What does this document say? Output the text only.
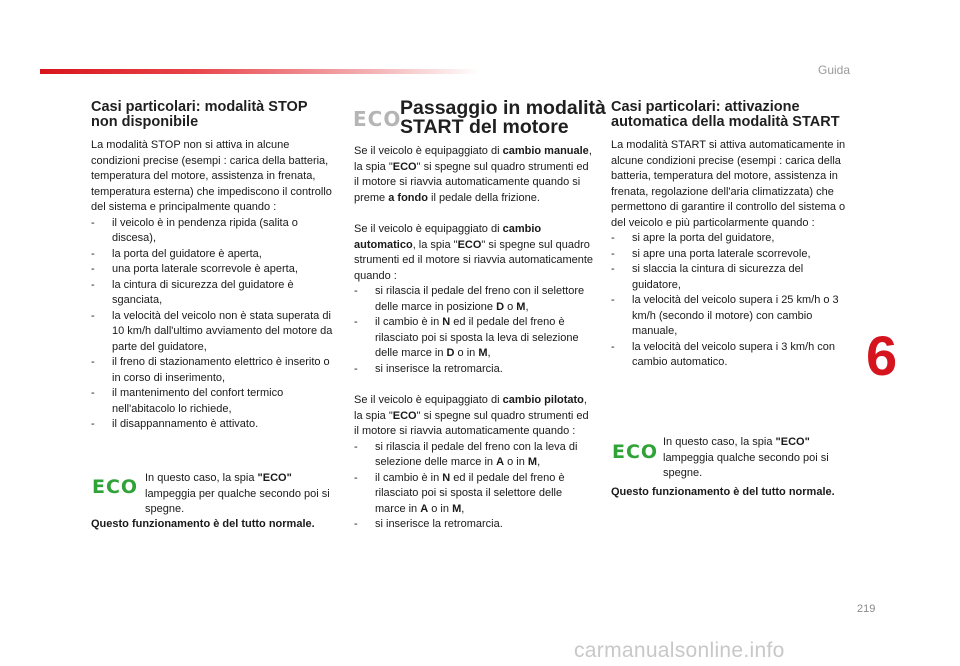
Guida
Casi particolari: modalità STOP
non disponibile

La modalità STOP non si attiva in alcune condizioni precise (esempi : carica della batteria, temperatura del motore, assistenza in frenata, temperatura esterna) che impediscono il controllo del sistema e principalmente quando :

- il veicolo è in pendenza ripida (salita o discesa),
- la porta del guidatore è aperta,
- una porta laterale scorrevole è aperta,
- la cintura di sicurezza del guidatore è sganciata,
- la velocità del veicolo non è stata superata di 10 km/h dall'ultimo avviamento del motore da parte del guidatore,
- il freno di stazionamento elettrico è inserito o in corso di inserimento,
- il mantenimento del confort termico nell'abitacolo lo richiede,
- il disappannamento è attivato.
ECO In questo caso, la spia "ECO" lampeggia per qualche secondo poi si spegne.
Questo funzionamento è del tutto normale.
ECO
Passaggio in modalità
START del motore

Se il veicolo è equipaggiato di cambio manuale, la spia "ECO" si spegne sul quadro strumenti ed il motore si riavvia automaticamente quando si preme a fondo il pedale della frizione.

Se il veicolo è equipaggiato di cambio automatico, la spia "ECO" si spegne sul quadro strumenti ed il motore si riavvia automaticamente quando :

- si rilascia il pedale del freno con il selettore delle marce in posizione D o M,
- il cambio è in N ed il pedale del freno è rilasciato poi si sposta la leva di selezione delle marce in D o in M,
- si inserisce la retromarcia.

Se il veicolo è equipaggiato di cambio pilotato, la spia "ECO" si spegne sul quadro strumenti ed il motore si riavvia automaticamente quando :

- si rilascia il pedale del freno con la leva di selezione delle marce in A o in M,
- il cambio è in N ed il pedale del freno è rilasciato poi si sposta il selettore delle marce in A o in M,
- si inserisce la retromarcia.
Casi particolari: attivazione
automatica della modalità START

La modalità START si attiva automaticamente in alcune condizioni precise (esempi : carica della batteria, temperatura del motore, assistenza in frenata, regolazione dell'aria climatizzata) che permettono di garantire il controllo del sistema o del veicolo e più particolarmente quando :

- si apre la porta del guidatore,
- si apre una porta laterale scorrevole,
- si slaccia la cintura di sicurezza del guidatore,
- la velocità del veicolo supera i 25 km/h o 3 km/h (secondo il motore) con cambio manuale,
- la velocità del veicolo supera i 3 km/h con cambio automatico.
ECO In questo caso, la spia "ECO" lampeggia qualche secondo poi si spegne.
Questo funzionamento è del tutto normale.
6
219
carmanualsonline.info
